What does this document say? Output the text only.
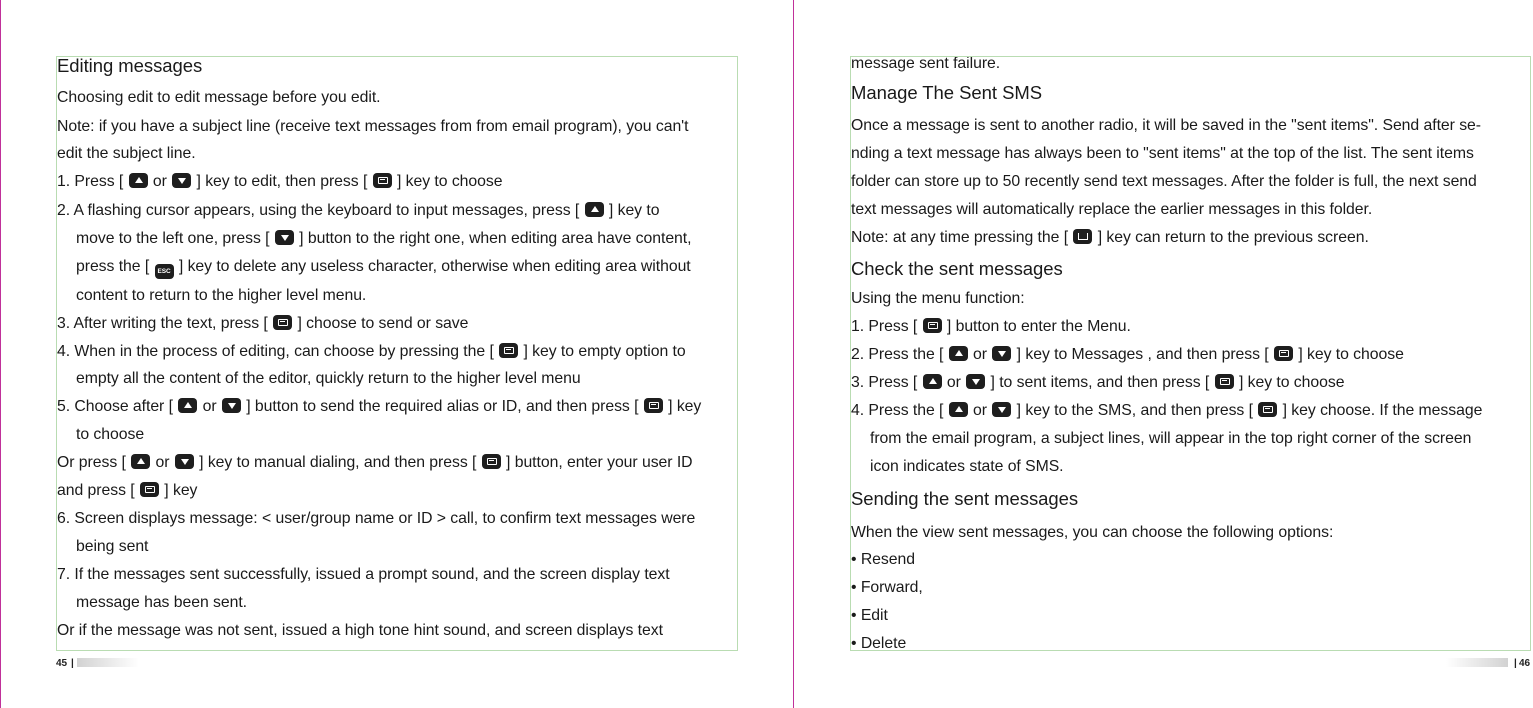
Editing messages
Choosing edit to edit message before you edit.
Note: if you have a subject line (receive text messages from from email program), you can't
edit the subject line.
1. Press [  or  ] key to edit, then press [  ] key to choose
2. A flashing cursor appears, using the keyboard to input messages, press [  ] key to
move to the left one, press [  ] button to the right one, when editing area have content,
press the [ ESC ] key to delete any useless character, otherwise when editing area without
content to return to the higher level menu.
3. After writing the text, press [  ] choose to send or save
4. When in the process of editing, can choose by pressing the [  ] key to empty option to
empty all the content of the editor, quickly return to the higher level menu
5. Choose after [  or  ] button to send the required alias or ID, and then press [  ] key
to choose
Or press [  or  ] key to manual dialing, and then press [  ] button, enter your user ID
and press [  ] key
6. Screen displays message: < user/group name or ID > call, to confirm text messages were
being sent
7. If the messages sent successfully, issued a prompt sound, and the screen display text
message has been sent.
Or if the message was not sent, issued a high tone hint sound, and screen displays text
message sent failure.
Manage The Sent SMS
Once a message is sent to another radio, it will be saved in the "sent items". Send after se-
nding a text message has always been to "sent items" at the top of the list. The sent items
folder can store up to 50 recently send text messages. After the folder is full, the next send
text messages will automatically replace the earlier messages in this folder.
Note: at any time pressing the [  ] key can return to the previous screen.
Check the sent messages
Using the menu function:
1. Press [  ] button to enter the Menu.
2. Press the [  or  ] key to Messages , and then press [  ] key to choose
3. Press [  or  ] to sent items, and then press [  ] key to choose
4. Press the [  or  ] key to the SMS, and then press [  ] key choose. If the message
from the email program, a subject lines, will appear in the top right corner of the screen
icon indicates state of SMS.
Sending the sent messages
When the view sent messages, you can choose the following options:
• Resend
• Forward,
• Edit
• Delete
45 |	| 46
